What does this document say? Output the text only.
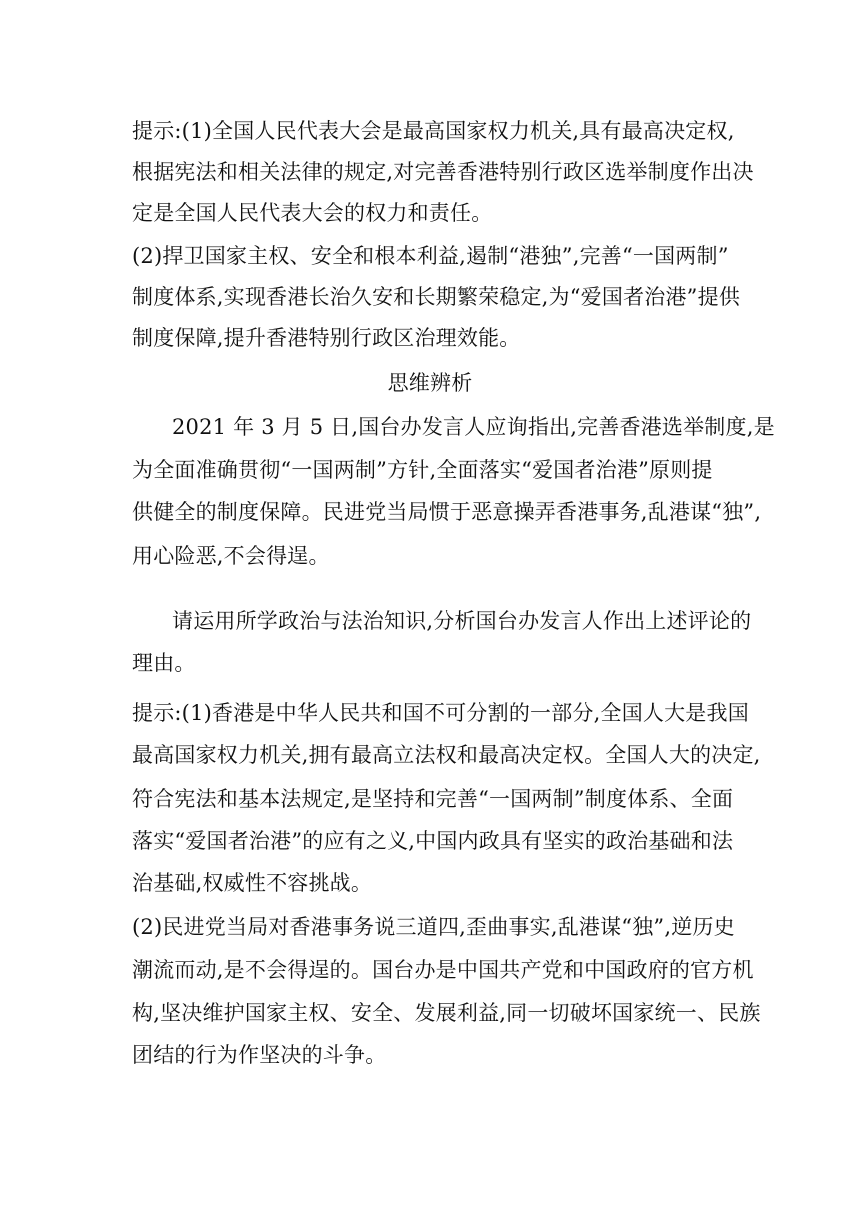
提示:(1)全国人民代表大会是最高国家权力机关,具有最高决定权,
根据宪法和相关法律的规定,对完善香港特别行政区选举制度作出决
定是全国人民代表大会的权力和责任。
(2)捍卫国家主权、安全和根本利益,遏制“港独”,完善“一国两制”
制度体系,实现香港长治久安和长期繁荣稳定,为“爱国者治港”提供
制度保障,提升香港特别行政区治理效能。
思维辨析
2021 年 3 月 5 日,国台办发言人应询指出,完善香港选举制度,是
为全面准确贯彻“一国两制”方针,全面落实“爱国者治港”原则提
供健全的制度保障。民进党当局惯于恶意操弄香港事务,乱港谋“独”,
用心险恶,不会得逞。
请运用所学政治与法治知识,分析国台办发言人作出上述评论的
理由。
提示:(1)香港是中华人民共和国不可分割的一部分,全国人大是我国
最高国家权力机关,拥有最高立法权和最高决定权。全国人大的决定,
符合宪法和基本法规定,是坚持和完善“一国两制”制度体系、全面
落实“爱国者治港”的应有之义,中国内政具有坚实的政治基础和法
治基础,权威性不容挑战。
(2)民进党当局对香港事务说三道四,歪曲事实,乱港谋“独”,逆历史
潮流而动,是不会得逞的。国台办是中国共产党和中国政府的官方机
构,坚决维护国家主权、安全、发展利益,同一切破坏国家统一、民族
团结的行为作坚决的斗争。
